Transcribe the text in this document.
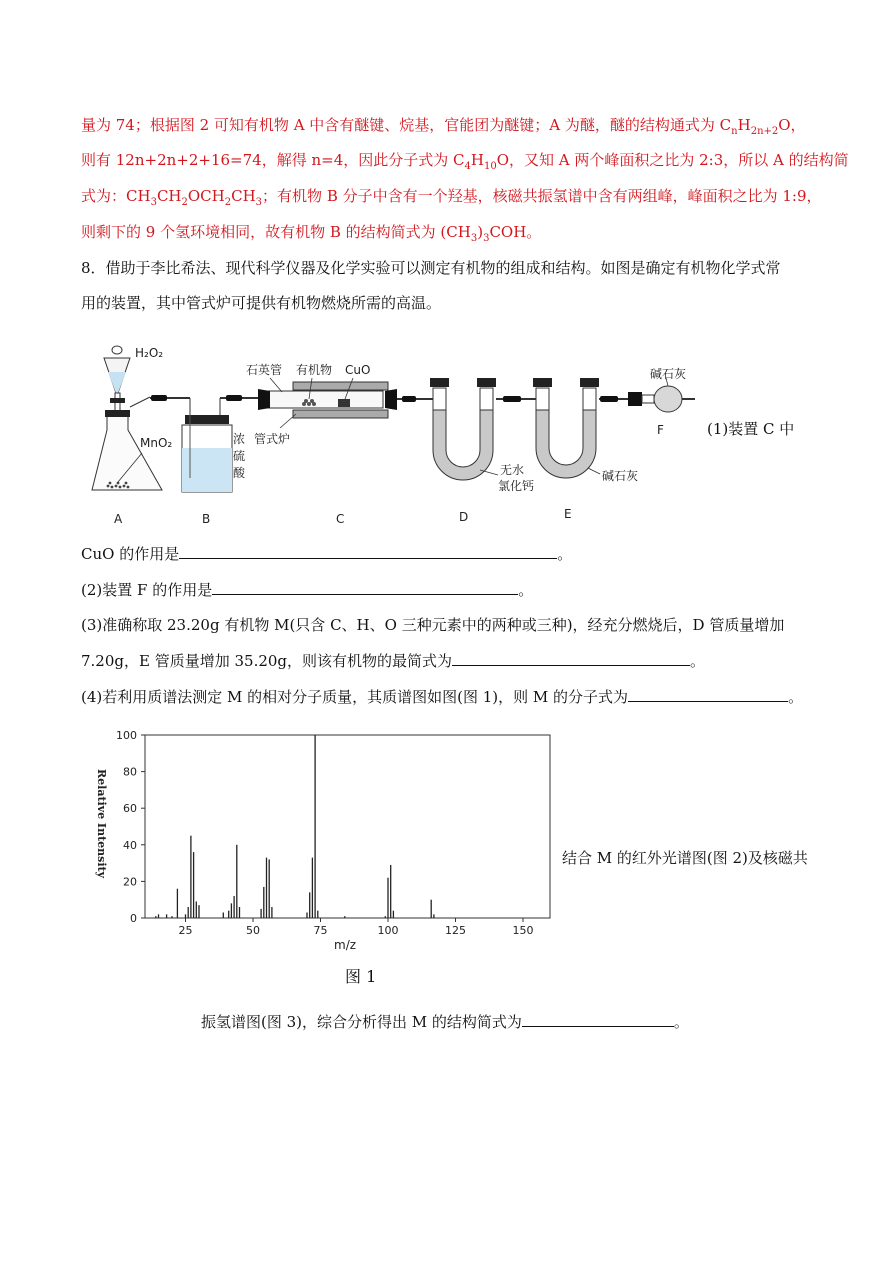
量为 74；根据图 2 可知有机物 A 中含有醚键、烷基，官能团为醚键；A 为醚，醚的结构通式为 $C_nH_{2n+2}O$，
则有 12n+2n+2+16=74，解得 n=4，因此分子式为 $C_4H_{10}O$，又知 A 两个峰面积之比为 2:3，所以 A 的结构简
式为：$CH_3CH_2OCH_2CH_3$；有机物 B 分子中含有一个羟基，核磁共振氢谱中含有两组峰，峰面积之比为 1:9，
则剩下的 9 个氢环境相同，故有机物 B 的结构简式为 $(CH_3)_3COH$。
8．借助于李比希法、现代科学仪器及化学实验可以测定有机物的组成和结构。如图是确定有机物化学式常
用的装置，其中管式炉可提供有机物燃烧所需的高温。
H₂O₂
MnO₂
A
浓
硫
酸
B
石英管 有机物 CuO
管式炉
C
无水
氯化钙
D
碱石灰
E
碱石灰
F	(1)装置 C 中
CuO 的作用是	。
(2)装置 F 的作用是	。
(3)准确称取 23.20g 有机物 M(只含 C、H、O 三种元素中的两种或三种)，经充分燃烧后，D 管质量增加
7.20g，E 管质量增加 35.20g，则该有机物的最简式为	。
(4)若利用质谱法测定 M 的相对分子质量，其质谱图如图(图 1)，则 M 的分子式为	。
25	50	75	100	125	150
0
20
40
60
80
100
m/z
Relative Intensity
图 1
结合 M 的红外光谱图(图 2)及核磁共
振氢谱图(图 3)，综合分析得出 M 的结构简式为	。
